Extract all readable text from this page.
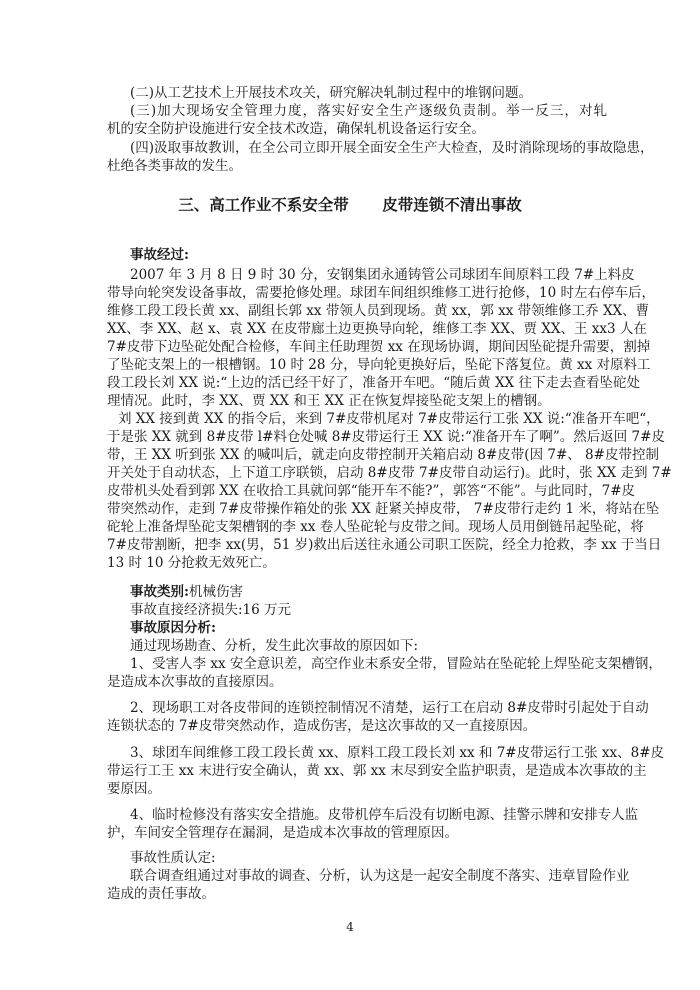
(二)从工艺技术上开展技术攻关，研究解决轧制过程中的堆钢问题。
(三)加大现场安全管理力度，落实好安全生产逐级负责制。举一反三，对轧
机的安全防护设施进行安全技术改造，确保轧机设备运行安全。
(四)汲取事故教训，在全公司立即开展全面安全生产大检查，及时消除现场的事故隐患，
杜绝各类事故的发生。
三、高工作业不系安全带 皮带连锁不清出事故
事故经过:
2007 年 3 月 8 日 9 时 30 分，安钢集团永通铸管公司球团车间原料工段 7#上料皮
带导向轮突发设备事故，需要抢修处理。球团车间组织维修工进行抢修，10 时左右停车后，
维修工段工段长黄 xx、副组长郭 xx 带领人员到现场。黄 xx，郭 xx 带领维修工乔 XX、曹
XX、李 XX、赵 x、袁 XX 在皮带廊土边更换导向轮，维修工李 XX、贾 XX、王 xx3 人在
7#皮带下边坠砣处配合检修，车间主任助理贺 xx 在现场协调，期间因坠砣提升需要，割掉
了坠砣支架上的一根槽钢。10 时 28 分，导向轮更换好后，坠砣下落复位。黄 xx 对原料工
段工段长刘 XX 说:“上边的活已经干好了，准备开车吧。“随后黄 XX 往下走去查看坠砣处
理情况。此时，李 XX、贾 XX 和王 XX 正在恢复焊接坠砣支架上的槽钢。
刘 XX 接到黄 XX 的指令后，来到 7#皮带机尾对 7#皮带运行工张 XX 说:“准备开车吧“，
于是张 XX 就到 8#皮带 l#料仓处喊 8#皮带运行王 XX 说:“准备开车了啊”。然后返回 7#皮
带，王 XX 听到张 XX 的喊叫后，就走向皮带控制开关箱启动 8#皮带(因 7#、 8#皮带控制
开关处于自动状态，上下道工序联锁，启动 8#皮带 7#皮带自动运行)。此时，张 XX 走到 7#
皮带机头处看到郭 XX 在收拾工具就问郭“能开车不能?”，郭答“不能”。与此同时，7#皮
带突然动作，走到 7#皮带操作箱处的张 XX 赶紧关掉皮带， 7#皮带行走约 1 米，将站在坠
砣轮上准备焊坠砣支架槽钢的李 xx 卷人坠砣轮与皮带之间。现场人员用倒链吊起坠砣，将
7#皮带割断，把李 xx(男，51 岁)救出后送往永通公司职工医院，经全力抢救，李 xx 于当日
13 时 10 分抢救无效死亡。
事故类别:机械伤害
事故直接经济损失:16 万元
事故原因分析:
通过现场勘查、分析，发生此次事故的原因如下:
1、受害人李 xx 安全意识差，高空作业末系安全带，冒险站在坠砣轮上焊坠砣支架槽钢，
是造成本次事故的直接原因。
2、现场职工对各皮带间的连锁控制情况不清楚，运行工在启动 8#皮带时引起处于自动
连锁状态的 7#皮带突然动作，造成伤害，是这次事故的又一直接原因。
3、球团车间维修工段工段长黄 xx、原料工段工段长刘 xx 和 7#皮带运行工张 xx、8#皮
带运行工王 xx 末进行安全确认，黄 xx、郭 xx 末尽到安全监护职责，是造成本次事故的主
要原因。
4、临时检修没有落实安全措施。皮带机停车后没有切断电源、挂警示牌和安排专人监
护，车间安全管理存在漏洞，是造成本次事故的管理原因。
事故性质认定:
联合调查组通过对事故的调查、分析，认为这是一起安全制度不落实、违章冒险作业
造成的责任事故。
4
